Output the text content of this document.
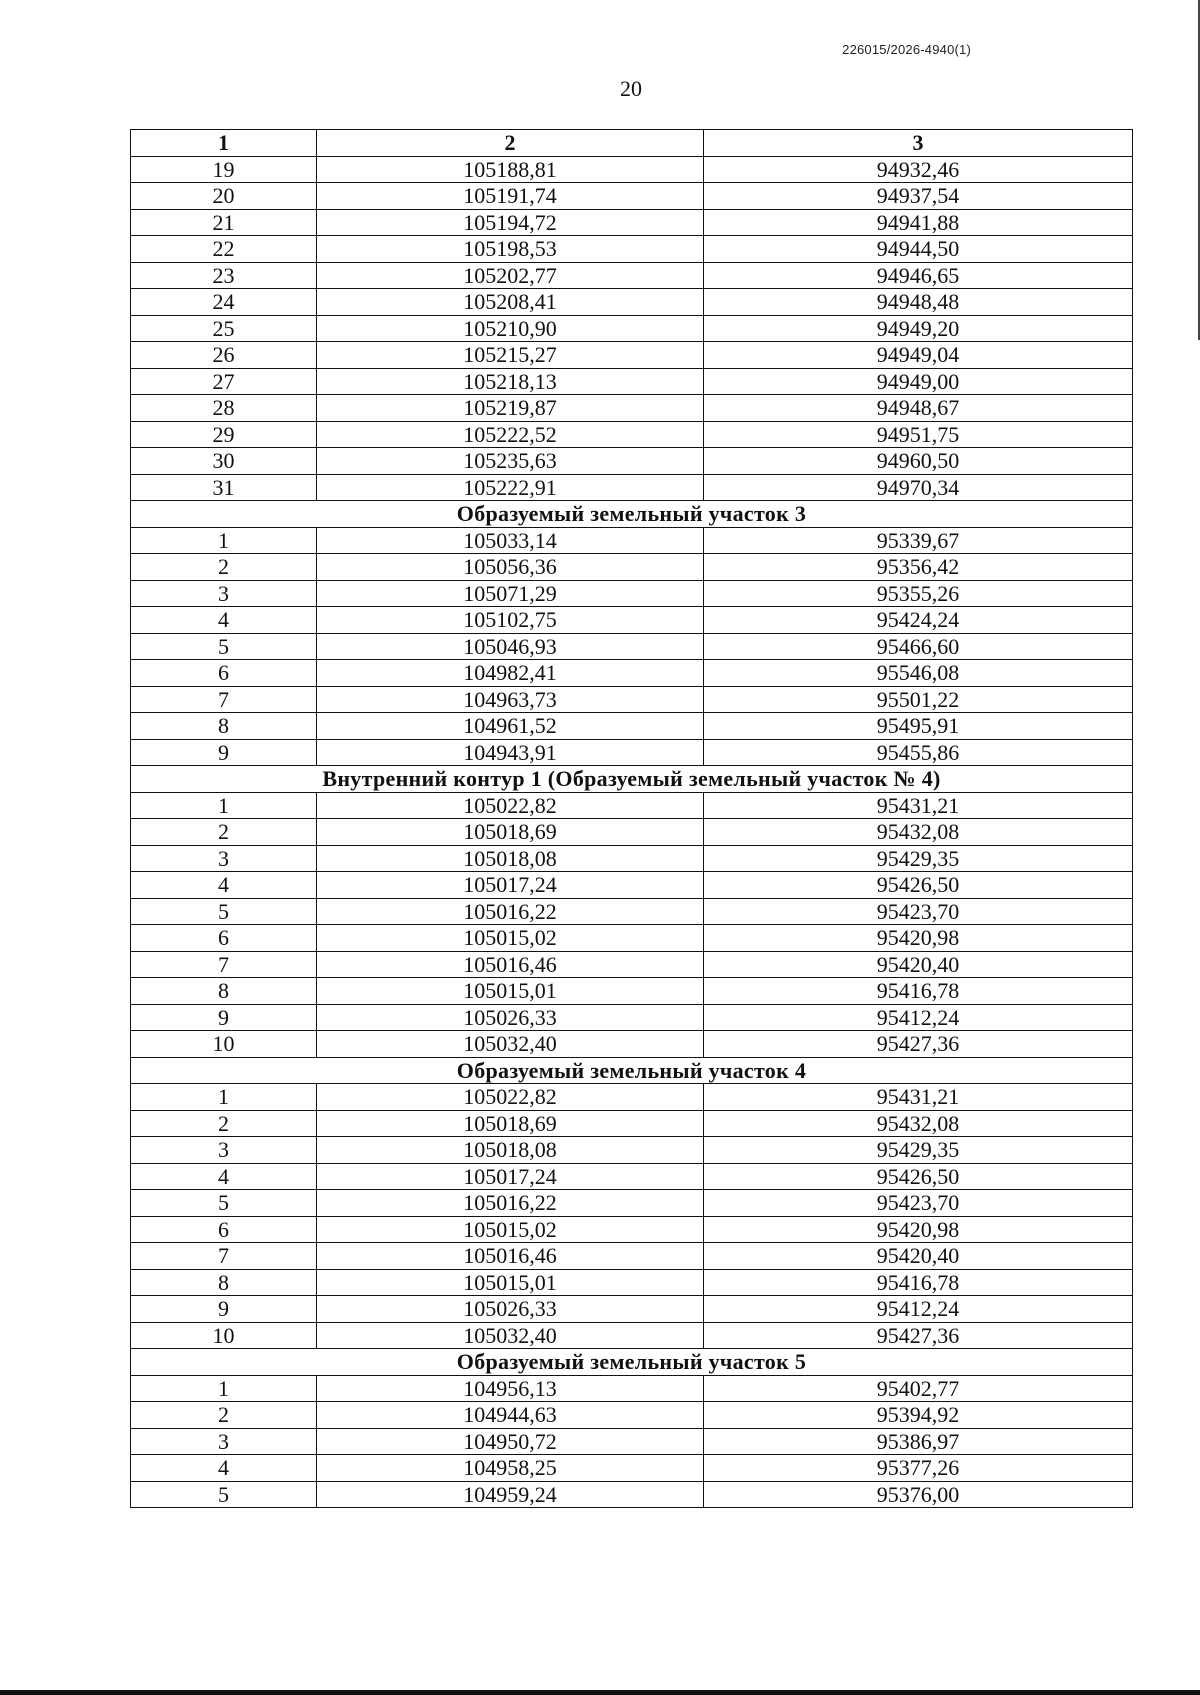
226015/2026-4940(1)
20
1	2	3
19	105188,81	94932,46
20	105191,74	94937,54
21	105194,72	94941,88
22	105198,53	94944,50
23	105202,77	94946,65
24	105208,41	94948,48
25	105210,90	94949,20
26	105215,27	94949,04
27	105218,13	94949,00
28	105219,87	94948,67
29	105222,52	94951,75
30	105235,63	94960,50
31	105222,91	94970,34
Образуемый земельный участок 3		
1	105033,14	95339,67
2	105056,36	95356,42
3	105071,29	95355,26
4	105102,75	95424,24
5	105046,93	95466,60
6	104982,41	95546,08
7	104963,73	95501,22
8	104961,52	95495,91
9	104943,91	95455,86
Внутренний контур 1 (Образуемый земельный участок № 4)		
1	105022,82	95431,21
2	105018,69	95432,08
3	105018,08	95429,35
4	105017,24	95426,50
5	105016,22	95423,70
6	105015,02	95420,98
7	105016,46	95420,40
8	105015,01	95416,78
9	105026,33	95412,24
10	105032,40	95427,36
Образуемый земельный участок 4		
1	105022,82	95431,21
2	105018,69	95432,08
3	105018,08	95429,35
4	105017,24	95426,50
5	105016,22	95423,70
6	105015,02	95420,98
7	105016,46	95420,40
8	105015,01	95416,78
9	105026,33	95412,24
10	105032,40	95427,36
Образуемый земельный участок 5		
1	104956,13	95402,77
2	104944,63	95394,92
3	104950,72	95386,97
4	104958,25	95377,26
5	104959,24	95376,00
